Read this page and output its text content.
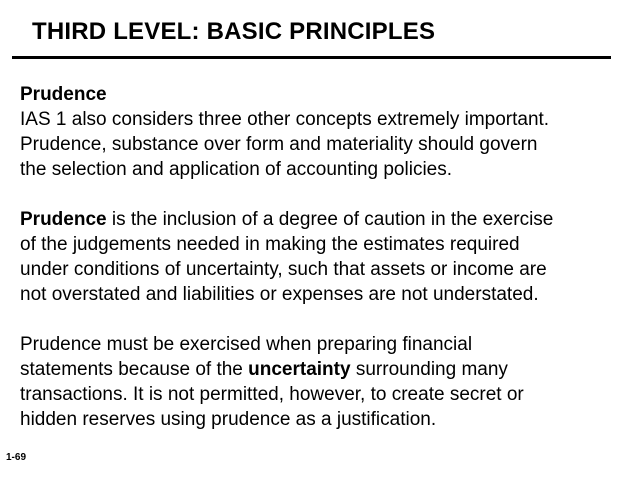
THIRD LEVEL: BASIC PRINCIPLES
Prudence
IAS 1 also considers three other concepts extremely important.
Prudence, substance over form and materiality should govern
the selection and application of accounting policies.
Prudence is the inclusion of a degree of caution in the exercise
of the judgements needed in making the estimates required
under conditions of uncertainty, such that assets or income are
not overstated and liabilities or expenses are not understated.
Prudence must be exercised when preparing financial
statements because of the uncertainty surrounding many
transactions. It is not permitted, however, to create secret or
hidden reserves using prudence as a justification.
1-69
